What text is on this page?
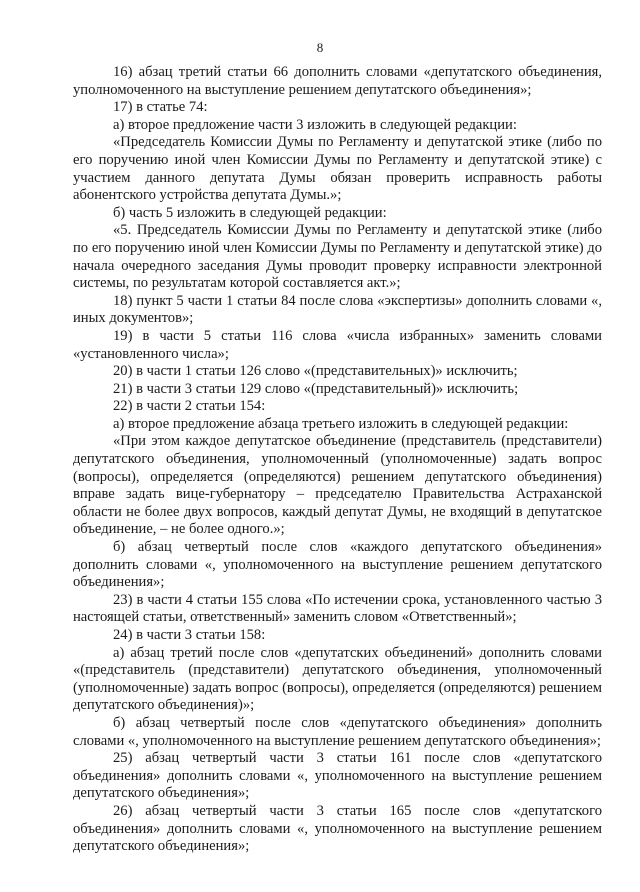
8

16) абзац третий статьи 66 дополнить словами «депутатского объединения, уполномоченного на выступление решением депутатского объединения»;

17) в статье 74:

а) второе предложение части 3 изложить в следующей редакции:

«Председатель Комиссии Думы по Регламенту и депутатской этике (либо по его поручению иной член Комиссии Думы по Регламенту и депутатской этике) с участием данного депутата Думы обязан проверить исправность работы абонентского устройства депутата Думы.»;

б) часть 5 изложить в следующей редакции:

«5. Председатель Комиссии Думы по Регламенту и депутатской этике (либо по его поручению иной член Комиссии Думы по Регламенту и депутатской этике) до начала очередного заседания Думы проводит проверку исправности электронной системы, по результатам которой составляется акт.»;

18) пункт 5 части 1 статьи 84 после слова «экспертизы» дополнить словами «, иных документов»;

19) в части 5 статьи 116 слова «числа избранных» заменить словами «установленного числа»;

20) в части 1 статьи 126 слово «(представительных)» исключить;

21) в части 3 статьи 129 слово «(представительный)» исключить;

22) в части 2 статьи 154:

а) второе предложение абзаца третьего изложить в следующей редакции:

«При этом каждое депутатское объединение (представитель (представители) депутатского объединения, уполномоченный (уполномоченные) задать вопрос (вопросы), определяется (определяются) решением депутатского объединения) вправе задать вице-губернатору – председателю Правительства Астраханской области не более двух вопросов, каждый депутат Думы, не входящий в депутатское объединение, – не более одного.»;

б) абзац четвертый после слов «каждого депутатского объединения» дополнить словами «, уполномоченного на выступление решением депутатского объединения»;

23) в части 4 статьи 155 слова «По истечении срока, установленного частью 3 настоящей статьи, ответственный» заменить словом «Ответственный»;

24) в части 3 статьи 158:

а) абзац третий после слов «депутатских объединений» дополнить словами «(представитель (представители) депутатского объединения, уполномоченный (уполномоченные) задать вопрос (вопросы), определяется (определяются) решением депутатского объединения)»;

б) абзац четвертый после слов «депутатского объединения» дополнить словами «, уполномоченного на выступление решением депутатского объединения»;

25) абзац четвертый части 3 статьи 161 после слов «депутатского объединения» дополнить словами «, уполномоченного на выступление решением депутатского объединения»;

26) абзац четвертый части 3 статьи 165 после слов «депутатского объединения» дополнить словами «, уполномоченного на выступление решением депутатского объединения»;
